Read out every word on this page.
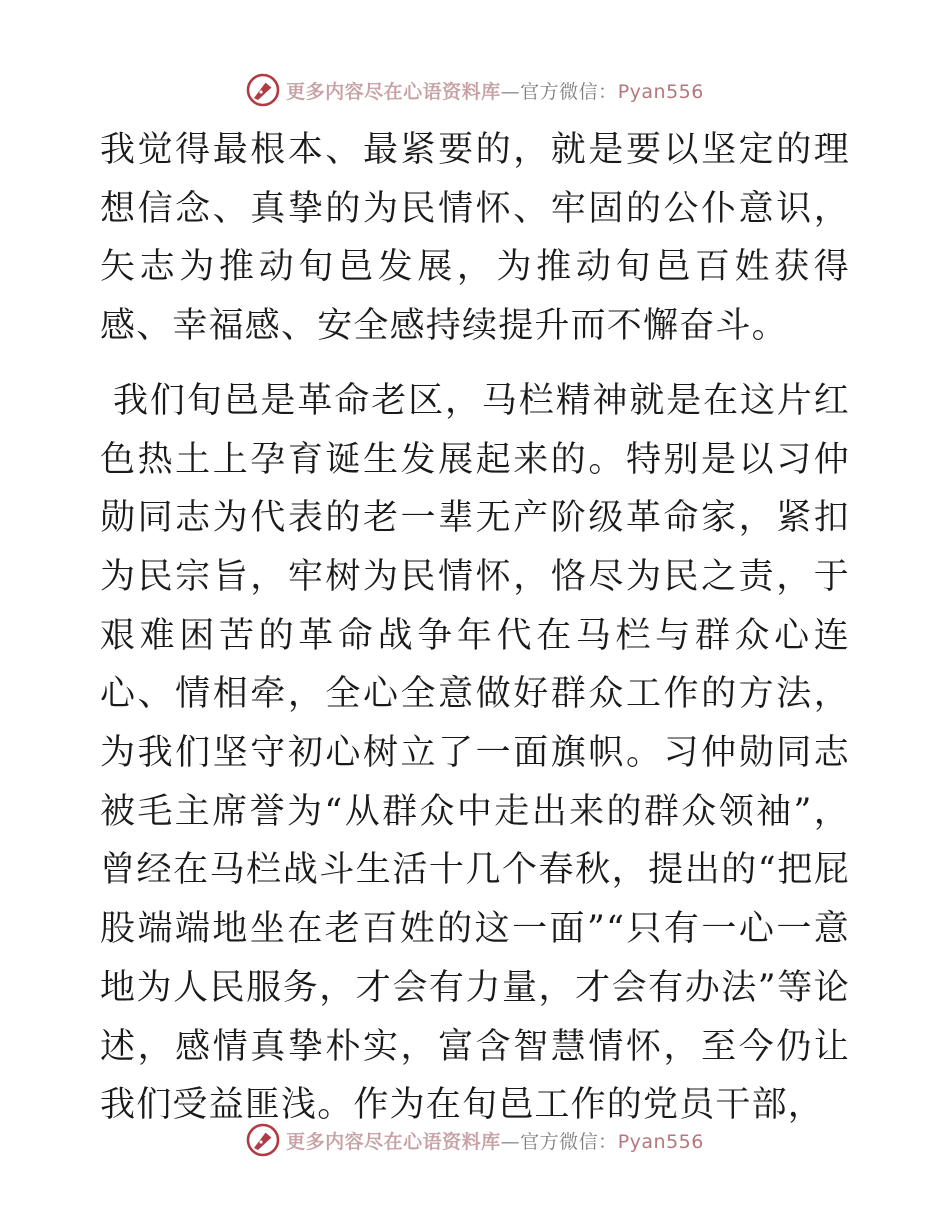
更多内容尽在心语资料库—官方微信：Pyan556

我觉得最根本、最紧要的，就是要以坚定的理想信念、真挚的为民情怀、牢固的公仆意识，矢志为推动旬邑发展，为推动旬邑百姓获得感、幸福感、安全感持续提升而不懈奋斗。

我们旬邑是革命老区，马栏精神就是在这片红色热土上孕育诞生发展起来的。特别是以习仲勋同志为代表的老一辈无产阶级革命家，紧扣为民宗旨，牢树为民情怀，恪尽为民之责，于艰难困苦的革命战争年代在马栏与群众心连心、情相牵，全心全意做好群众工作的方法，为我们坚守初心树立了一面旗帜。习仲勋同志被毛主席誉为“从群众中走出来的群众领袖”，曾经在马栏战斗生活十几个春秋，提出的“把屁股端端地坐在老百姓的这一面”“只有一心一意地为人民服务，才会有力量，才会有办法”等论述，感情真挚朴实，富含智慧情怀，至今仍让我们受益匪浅。作为在旬邑工作的党员干部，

更多内容尽在心语资料库—官方微信：Pyan556
